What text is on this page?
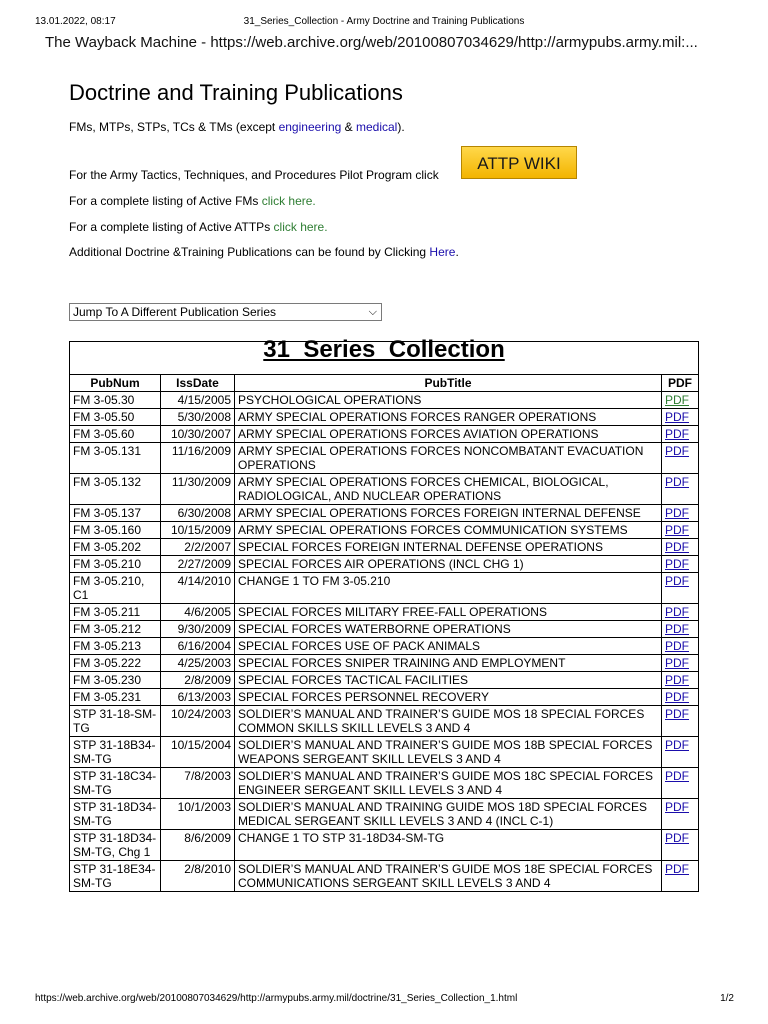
13.01.2022, 08:17	31_Series_Collection - Army Doctrine and Training Publications
The Wayback Machine - https://web.archive.org/web/20100807034629/http://armypubs.army.mil:...
Doctrine and Training Publications
FMs, MTPs, STPs, TCs & TMs (except engineering & medical).
For the Army Tactics, Techniques, and Procedures Pilot Program click
ATTP WIKI
For a complete listing of Active FMs click here.
For a complete listing of Active ATTPs click here.
Additional Doctrine &Training Publications can be found by Clicking Here.
Jump To A Different Publication Series	⌵
31_Series_Collection			
PubNum	IssDate	PubTitle	PDF
FM 3-05.30	4/15/2005	PSYCHOLOGICAL OPERATIONS	PDF
FM 3-05.50	5/30/2008	ARMY SPECIAL OPERATIONS FORCES RANGER OPERATIONS	PDF
FM 3-05.60	10/30/2007	ARMY SPECIAL OPERATIONS FORCES AVIATION OPERATIONS	PDF
FM 3-05.131	11/16/2009	ARMY SPECIAL OPERATIONS FORCES NONCOMBATANT EVACUATION OPERATIONS	PDF
FM 3-05.132	11/30/2009	ARMY SPECIAL OPERATIONS FORCES CHEMICAL, BIOLOGICAL, RADIOLOGICAL, AND NUCLEAR OPERATIONS	PDF
FM 3-05.137	6/30/2008	ARMY SPECIAL OPERATIONS FORCES FOREIGN INTERNAL DEFENSE	PDF
FM 3-05.160	10/15/2009	ARMY SPECIAL OPERATIONS FORCES COMMUNICATION SYSTEMS	PDF
FM 3-05.202	2/2/2007	SPECIAL FORCES FOREIGN INTERNAL DEFENSE OPERATIONS	PDF
FM 3-05.210	2/27/2009	SPECIAL FORCES AIR OPERATIONS (INCL CHG 1)	PDF
FM 3-05.210, C1	4/14/2010	CHANGE 1 TO FM 3-05.210	PDF
FM 3-05.211	4/6/2005	SPECIAL FORCES MILITARY FREE-FALL OPERATIONS	PDF
FM 3-05.212	9/30/2009	SPECIAL FORCES WATERBORNE OPERATIONS	PDF
FM 3-05.213	6/16/2004	SPECIAL FORCES USE OF PACK ANIMALS	PDF
FM 3-05.222	4/25/2003	SPECIAL FORCES SNIPER TRAINING AND EMPLOYMENT	PDF
FM 3-05.230	2/8/2009	SPECIAL FORCES TACTICAL FACILITIES	PDF
FM 3-05.231	6/13/2003	SPECIAL FORCES PERSONNEL RECOVERY	PDF
STP 31-18-SM-TG	10/24/2003	SOLDIER’S MANUAL AND TRAINER’S GUIDE MOS 18 SPECIAL FORCES COMMON SKILLS SKILL LEVELS 3 AND 4	PDF
STP 31-18B34-SM-TG	10/15/2004	SOLDIER’S MANUAL AND TRAINER’S GUIDE MOS 18B SPECIAL FORCES WEAPONS SERGEANT SKILL LEVELS 3 AND 4	PDF
STP 31-18C34-SM-TG	7/8/2003	SOLDIER’S MANUAL AND TRAINER’S GUIDE MOS 18C SPECIAL FORCES ENGINEER SERGEANT SKILL LEVELS 3 AND 4	PDF
STP 31-18D34-SM-TG	10/1/2003	SOLDIER’S MANUAL AND TRAINING GUIDE MOS 18D SPECIAL FORCES MEDICAL SERGEANT SKILL LEVELS 3 AND 4 (INCL C-1)	PDF
STP 31-18D34-SM-TG, Chg 1	8/6/2009	CHANGE 1 TO STP 31-18D34-SM-TG	PDF
STP 31-18E34-SM-TG	2/8/2010	SOLDIER’S MANUAL AND TRAINER’S GUIDE MOS 18E SPECIAL FORCES COMMUNICATIONS SERGEANT SKILL LEVELS 3 AND 4	PDF
https://web.archive.org/web/20100807034629/http://armypubs.army.mil/doctrine/31_Series_Collection_1.html	1/2
